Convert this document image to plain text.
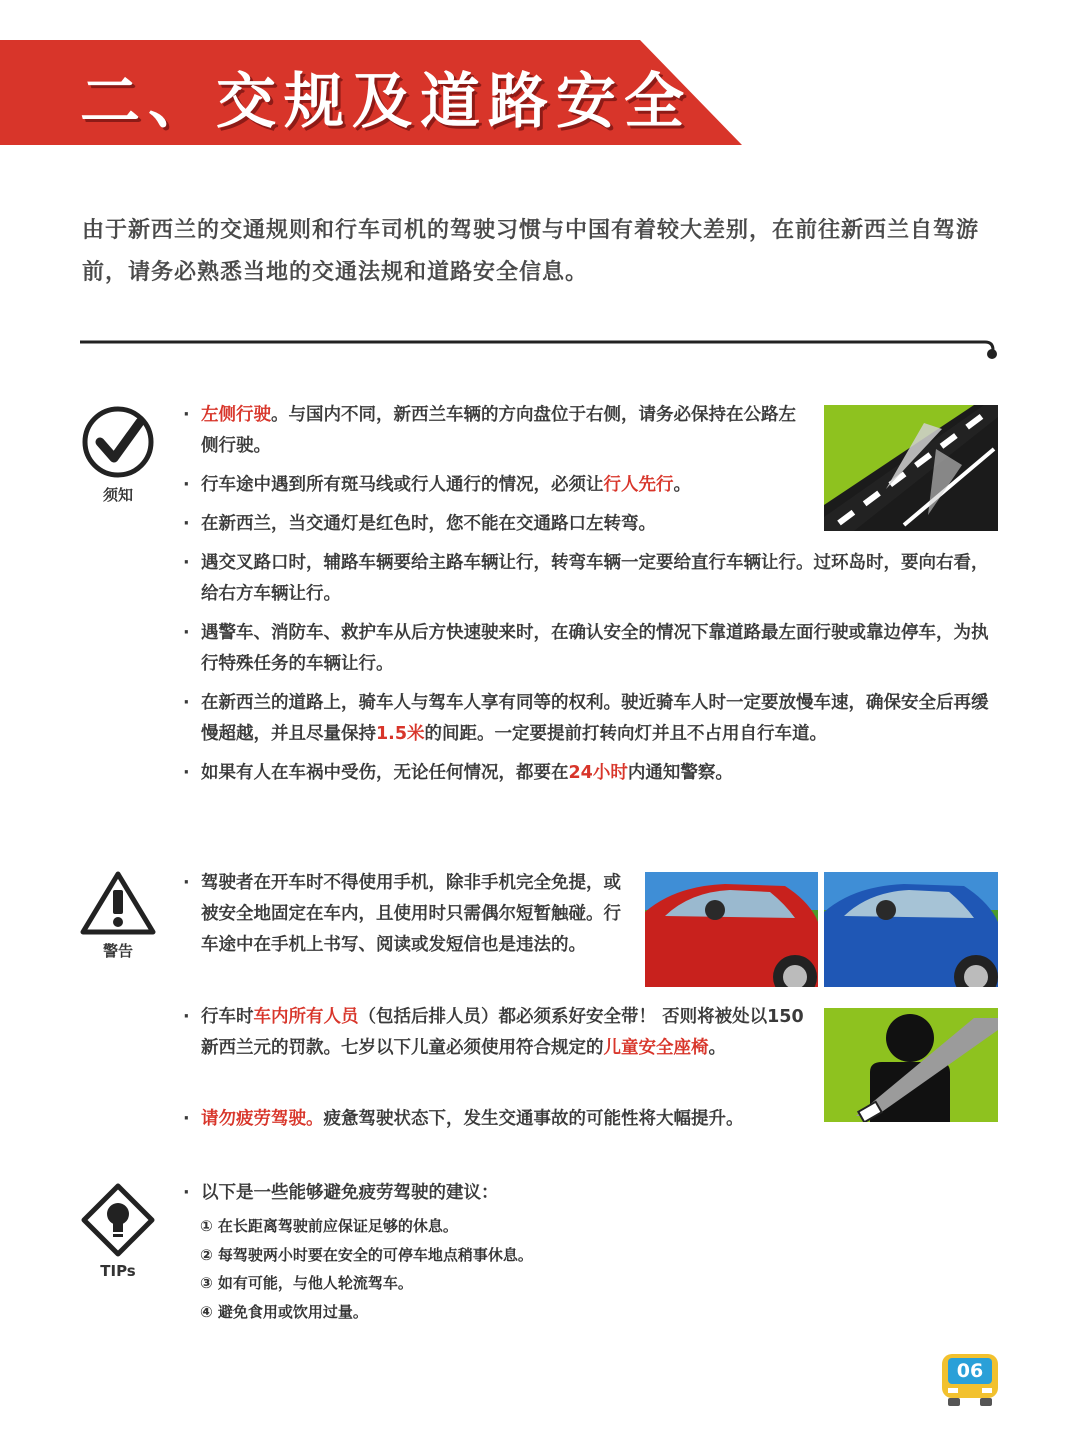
二、交规及道路安全

由于新西兰的交通规则和行车司机的驾驶习惯与中国有着较大差别，在前往新西兰自驾游前，请务必熟悉当地的交通法规和道路安全信息。

须知
· 左侧行驶。与国内不同，新西兰车辆的方向盘位于右侧，请务必保持在公路左侧行驶。
· 行车途中遇到所有斑马线或行人通行的情况，必须让行人先行。
· 在新西兰，当交通灯是红色时，您不能在交通路口左转弯。
· 遇交叉路口时，辅路车辆要给主路车辆让行，转弯车辆一定要给直行车辆让行。过环岛时，要向右看，给右方车辆让行。
· 遇警车、消防车、救护车从后方快速驶来时，在确认安全的情况下靠道路最左面行驶或靠边停车，为执行特殊任务的车辆让行。
· 在新西兰的道路上，骑车人与驾车人享有同等的权利。驶近骑车人时一定要放慢车速，确保安全后再缓慢超越，并且尽量保持1.5米的间距。一定要提前打转向灯并且不占用自行车道。
· 如果有人在车祸中受伤，无论任何情况，都要在24小时内通知警察。
警告
· 驾驶者在开车时不得使用手机，除非手机完全免提，或被安全地固定在车内，且使用时只需偶尔短暂触碰。行车途中在手机上书写、阅读或发短信也是违法的。
· 行车时车内所有人员（包括后排人员）都必须系好安全带！ 否则将被处以150新西兰元的罚款。七岁以下儿童必须使用符合规定的儿童安全座椅。
· 请勿疲劳驾驶。疲惫驾驶状态下，发生交通事故的可能性将大幅提升。
TIPs
· 以下是一些能够避免疲劳驾驶的建议：
① 在长距离驾驶前应保证足够的休息。
② 每驾驶两小时要在安全的可停车地点稍事休息。
③ 如有可能，与他人轮流驾车。
④ 避免食用或饮用过量。
06
